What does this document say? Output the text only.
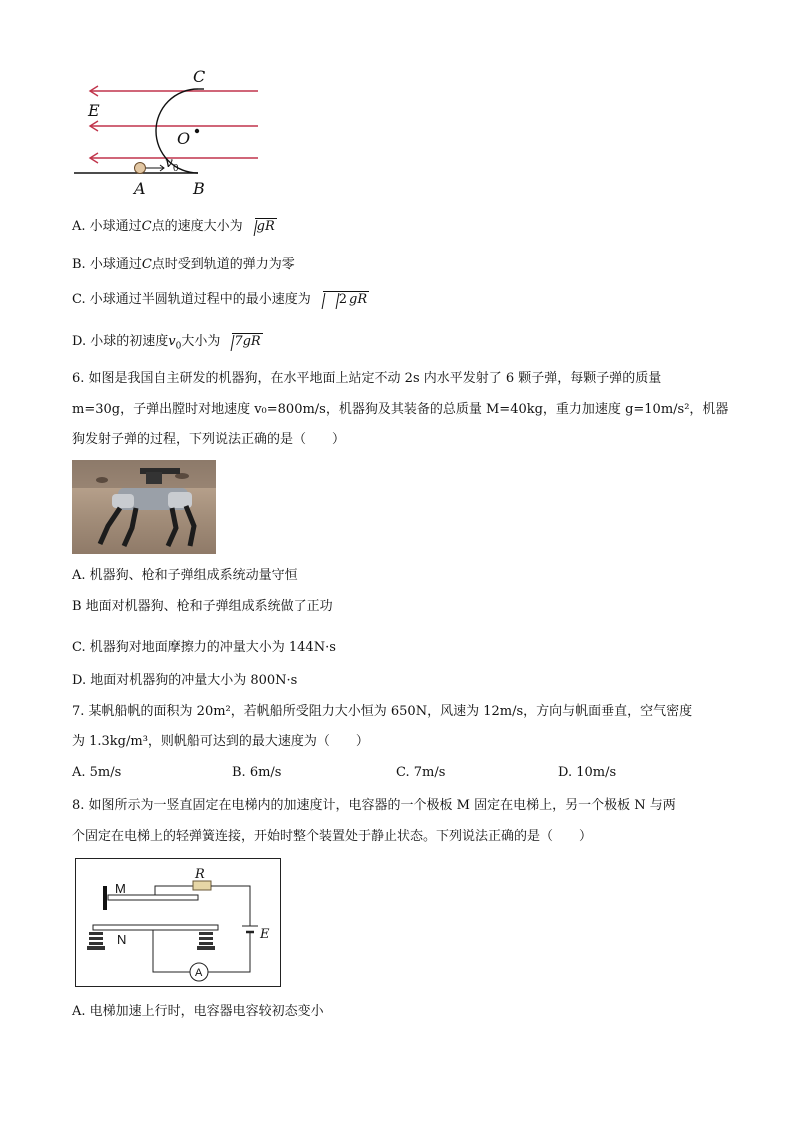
C
E
O
$v_0$
A	B
A. 小球通过C点的速度大小为 gR
B. 小球通过C点时受到轨道的弹力为零
C. 小球通过半圆轨道过程中的最小速度为 2 gR
D. 小球的初速度$v_0$大小为 7gR
6. 如图是我国自主研发的机器狗，在水平地面上站定不动 2s 内水平发射了 6 颗子弹，每颗子弹的质量
m=30g，子弹出膛时对地速度 v₀=800m/s，机器狗及其装备的总质量 M=40kg，重力加速度 g=10m/s²，机器
狗发射子弹的过程，下列说法正确的是（　　）
A. 机器狗、枪和子弹组成系统动量守恒
B 地面对机器狗、枪和子弹组成系统做了正功
C. 机器狗对地面摩擦力的冲量大小为 144N·s
D. 地面对机器狗的冲量大小为 800N·s
7. 某帆船帆的面积为 20m²，若帆船所受阻力大小恒为 650N，风速为 12m/s，方向与帆面垂直，空气密度
为 1.3kg/m³，则帆船可达到的最大速度为（　　）
A. 5m/s	B. 6m/s	C. 7m/s	D. 10m/s
8. 如图所示为一竖直固定在电梯内的加速度计，电容器的一个极板 M 固定在电梯上，另一个极板 N 与两
个固定在电梯上的轻弹簧连接，开始时整个装置处于静止状态。下列说法正确的是（　　）
M
N
R
E
A
A. 电梯加速上行时，电容器电容较初态变小
